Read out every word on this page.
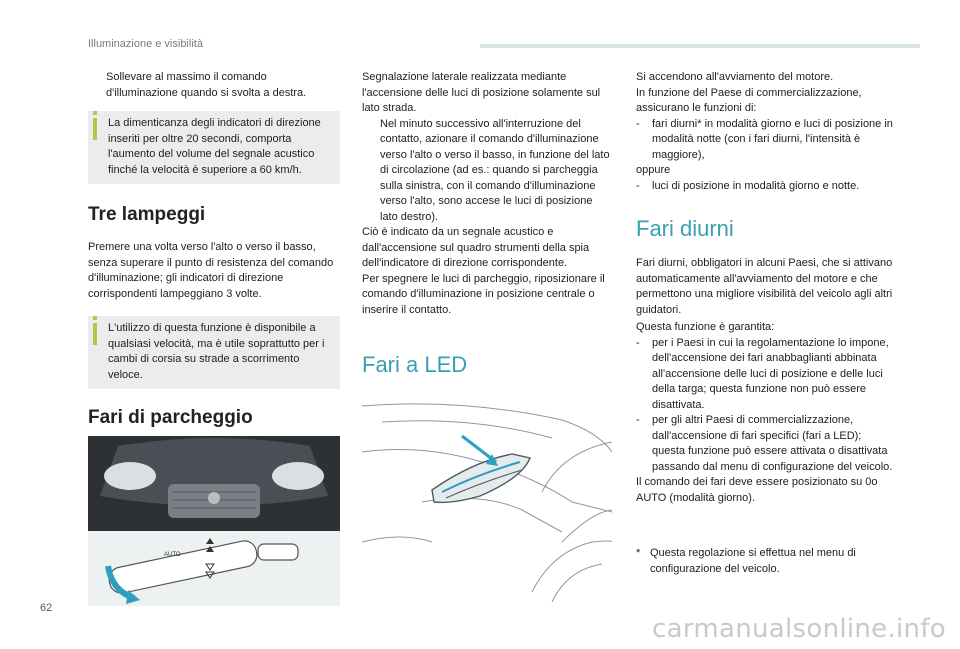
Illuminazione e visibilità

Sollevare al massimo il comando d'illuminazione quando si svolta a destra.

La dimenticanza degli indicatori di direzione inseriti per oltre 20 secondi, comporta l'aumento del volume del segnale acustico finché la velocità è superiore a 60 km/h.

Tre lampeggi

Premere una volta verso l'alto o verso il basso, senza superare il punto di resistenza del comando d'illuminazione; gli indicatori di direzione corrispondenti lampeggiano 3 volte.

L'utilizzo di questa funzione è disponibile a qualsiasi velocità, ma è utile soprattutto per i cambi di corsia su strade a scorrimento veloce.

Fari di parcheggio
AUTO

Segnalazione laterale realizzata mediante l'accensione delle luci di posizione solamente sul lato strada.

Nel minuto successivo all'interruzione del contatto, azionare il comando d'illuminazione verso l'alto o verso il basso, in funzione del lato di circolazione (ad es.: quando si parcheggia sulla sinistra, con il comando d'illuminazione verso l'alto, sono accese le luci di posizione lato destro).

Ciò è indicato da un segnale acustico e dall'accensione sul quadro strumenti della spia dell'indicatore di direzione corrispondente.

Per spegnere le luci di parcheggio, riposizionare il comando d'illuminazione in posizione centrale o inserire il contatto.

Fari a LED

Si accendono all'avviamento del motore.

In funzione del Paese di commercializzazione, assicurano le funzioni di:

- fari diurni* in modalità giorno e luci di posizione in modalità notte (con i fari diurni, l'intensità è maggiore),

oppure

- luci di posizione in modalità giorno e notte.

Fari diurni

Fari diurni, obbligatori in alcuni Paesi, che si attivano automaticamente all'avviamento del motore e che permettono una migliore visibilità del veicolo agli altri guidatori.

Questa funzione è garantita:

- per i Paesi in cui la regolamentazione lo impone, dell'accensione dei fari anabbaglianti abbinata all'accensione delle luci di posizione e delle luci della targa; questa funzione non può essere disattivata.

- per gli altri Paesi di commercializzazione, dall'accensione di fari specifici (fari a LED); questa funzione può essere attivata o disattivata passando dal menu di configurazione del veicolo.

Il comando dei fari deve essere posizionato su 0o AUTO (modalità giorno).

* Questa regolazione si effettua nel menu di configurazione del veicolo.

62
carmanualsonline.info
